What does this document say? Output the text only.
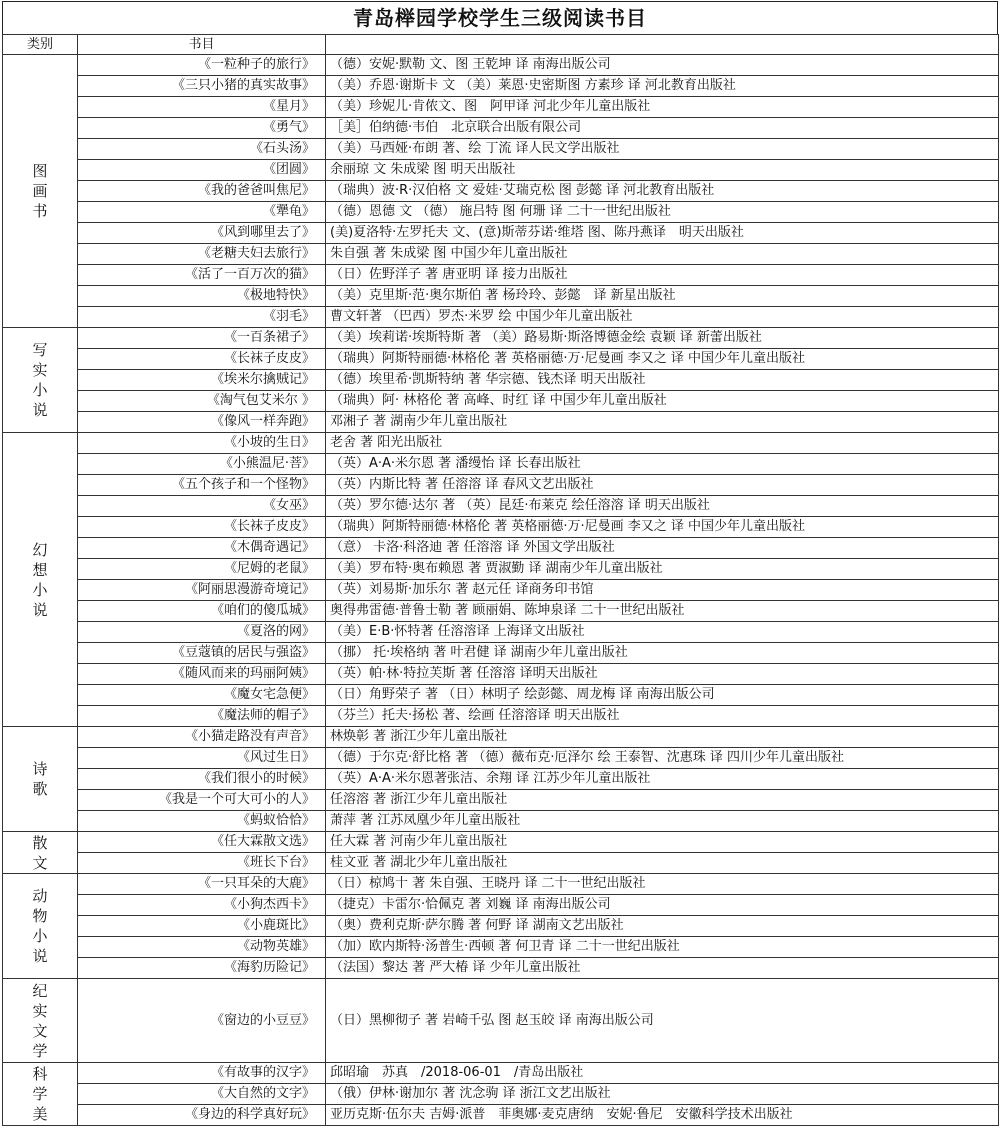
青岛榉园学校学生三级阅读书目
类别	书目	

图
画
书	《一粒种子的旅行》	（德）安妮·默勒 文、图 王乾坤 译 南海出版公司
	《三只小猪的真实故事》	（美）乔恩·谢斯卡 文 （美）莱恩·史密斯图 方素珍 译 河北教育出版社
	《星月》	（美）珍妮儿·肯侬文、图　阿甲译 河北少年儿童出版社
	《勇气》	［美］伯纳德·韦伯　北京联合出版有限公司
	《石头汤》	（美）马西娅·布朗 著、绘 丁流 译人民文学出版社
	《团圆》	余丽琼 文 朱成梁 图 明天出版社
	《我的爸爸叫焦尼》	（瑞典）波·R·汉伯格 文 爱娃·艾瑞克松 图 彭懿 译 河北教育出版社
	《犟龟》	（德）恩德 文 （德） 施吕特 图 何珊 译 二十一世纪出版社
	《风到哪里去了》	(美)夏洛特·左罗托夫 文、(意)斯蒂芬诺·维塔 图、陈丹燕译　明天出版社
	《老糖夫妇去旅行》	朱自强 著 朱成梁 图 中国少年儿童出版社
	《活了一百万次的猫》	（日）佐野洋子 著 唐亚明 译 接力出版社
	《极地特快》	（美）克里斯·范·奥尔斯伯 著 杨玲玲、彭懿　译 新星出版社
	《羽毛》	曹文轩著 （巴西）罗杰·米罗 绘 中国少年儿童出版社

写
实
小
说	《一百条裙子》	（美）埃莉诺·埃斯特斯 著 （美）路易斯·斯洛博德金绘 袁颖 译 新蕾出版社
	《长袜子皮皮》	（瑞典）阿斯特丽德·林格伦 著 英格丽德·万·尼曼画 李又之 译 中国少年儿童出版社
	《埃米尔擒贼记》	（德）埃里希·凯斯特纳 著 华宗德、钱杰译 明天出版社
	《淘气包艾米尔 》	（瑞典）阿· 林格伦 著 高峰、时红 译 中国少年儿童出版社
	《像风一样奔跑》	邓湘子 著 湖南少年儿童出版社

幻
想
小
说	《小坡的生日》	老舍 著 阳光出版社
	《小熊温尼·菩》	（英）A·A·米尔恩 著 潘缦怡 译 长春出版社
	《五个孩子和一个怪物》	（英）内斯比特 著 任溶溶 译 春风文艺出版社
	《女巫》	（英）罗尔德·达尔 著 （英）昆廷·布莱克 绘任溶溶 译 明天出版社
	《长袜子皮皮》	（瑞典）阿斯特丽德·林格伦 著 英格丽德·万·尼曼画 李又之 译 中国少年儿童出版社
	《木偶奇遇记》	（意） 卡洛·科洛迪 著 任溶溶 译 外国文学出版社
	《尼姆的老鼠》	（美）罗布特·奥布赖恩 著 贾淑勤 译 湖南少年儿童出版社
	《阿丽思漫游奇境记》	（英）刘易斯·加乐尔 著 赵元任 译商务印书馆
	《咱们的傻瓜城》	奥得弗雷德·普鲁士勒 著 顾丽娟、陈坤泉译 二十一世纪出版社
	《夏洛的网》	（美）E·B·怀特著 任溶溶译 上海译文出版社
	《豆蔻镇的居民与强盗》	（挪） 托·埃格纳 著 叶君健 译 湖南少年儿童出版社
	《随风而来的玛丽阿姨》	（英）帕·林·特拉芙斯 著 任溶溶 译明天出版社
	《魔女宅急便》	（日）角野荣子 著 （日）林明子 绘彭懿、周龙梅 译 南海出版公司
	《魔法师的帽子》	（芬兰）托夫·扬松 著、绘画 任溶溶译 明天出版社

诗
歌	《小猫走路没有声音》	林焕彰 著 浙江少年儿童出版社
	《风过生日》	（德）于尔克·舒比格 著 （德）薇布克·厄泽尔 绘 王泰智、沈惠珠 译 四川少年儿童出版社
	《我们很小的时候》	（英）A·A·米尔恩著张洁、余翔 译 江苏少年儿童出版社
	《我是一个可大可小的人》	任溶溶 著 浙江少年儿童出版社
	《蚂蚁恰恰》	萧萍 著 江苏凤凰少年儿童出版社

散
文	《任大霖散文选》	任大霖 著 河南少年儿童出版社
	《班长下台》	桂文亚 著 湖北少年儿童出版社

动
物
小
说	《一只耳朵的大鹿》	（日）椋鸠十 著 朱自强、王晓丹 译 二十一世纪出版社
	《小狗杰西卡》	（捷克）卡雷尔·恰佩克 著 刘巍 译 南海出版公司
	《小鹿斑比》	（奥）费利克斯·萨尔腾 著 何野 译 湖南文艺出版社
	《动物英雄》	（加）欧内斯特·汤普生·西顿 著 何卫青 译 二十一世纪出版社
	《海豹历险记》	（法国）黎达 著 严大椿 译 少年儿童出版社

纪
实
文
学	《窗边的小豆豆》	（日）黑柳彻子 著 岩崎千弘 图 赵玉皎 译 南海出版公司

科
学
美	《有故事的汉字》	邱昭瑜　苏真　/2018-06-01　/青岛出版社
	《大自然的文字》	（俄）伊林·谢加尔 著 沈念驹 译 浙江文艺出版社
	《身边的科学真好玩》	亚历克斯·伍尔夫 吉姆·派普　菲奥娜·麦克唐纳　安妮·鲁尼　安徽科学技术出版社
